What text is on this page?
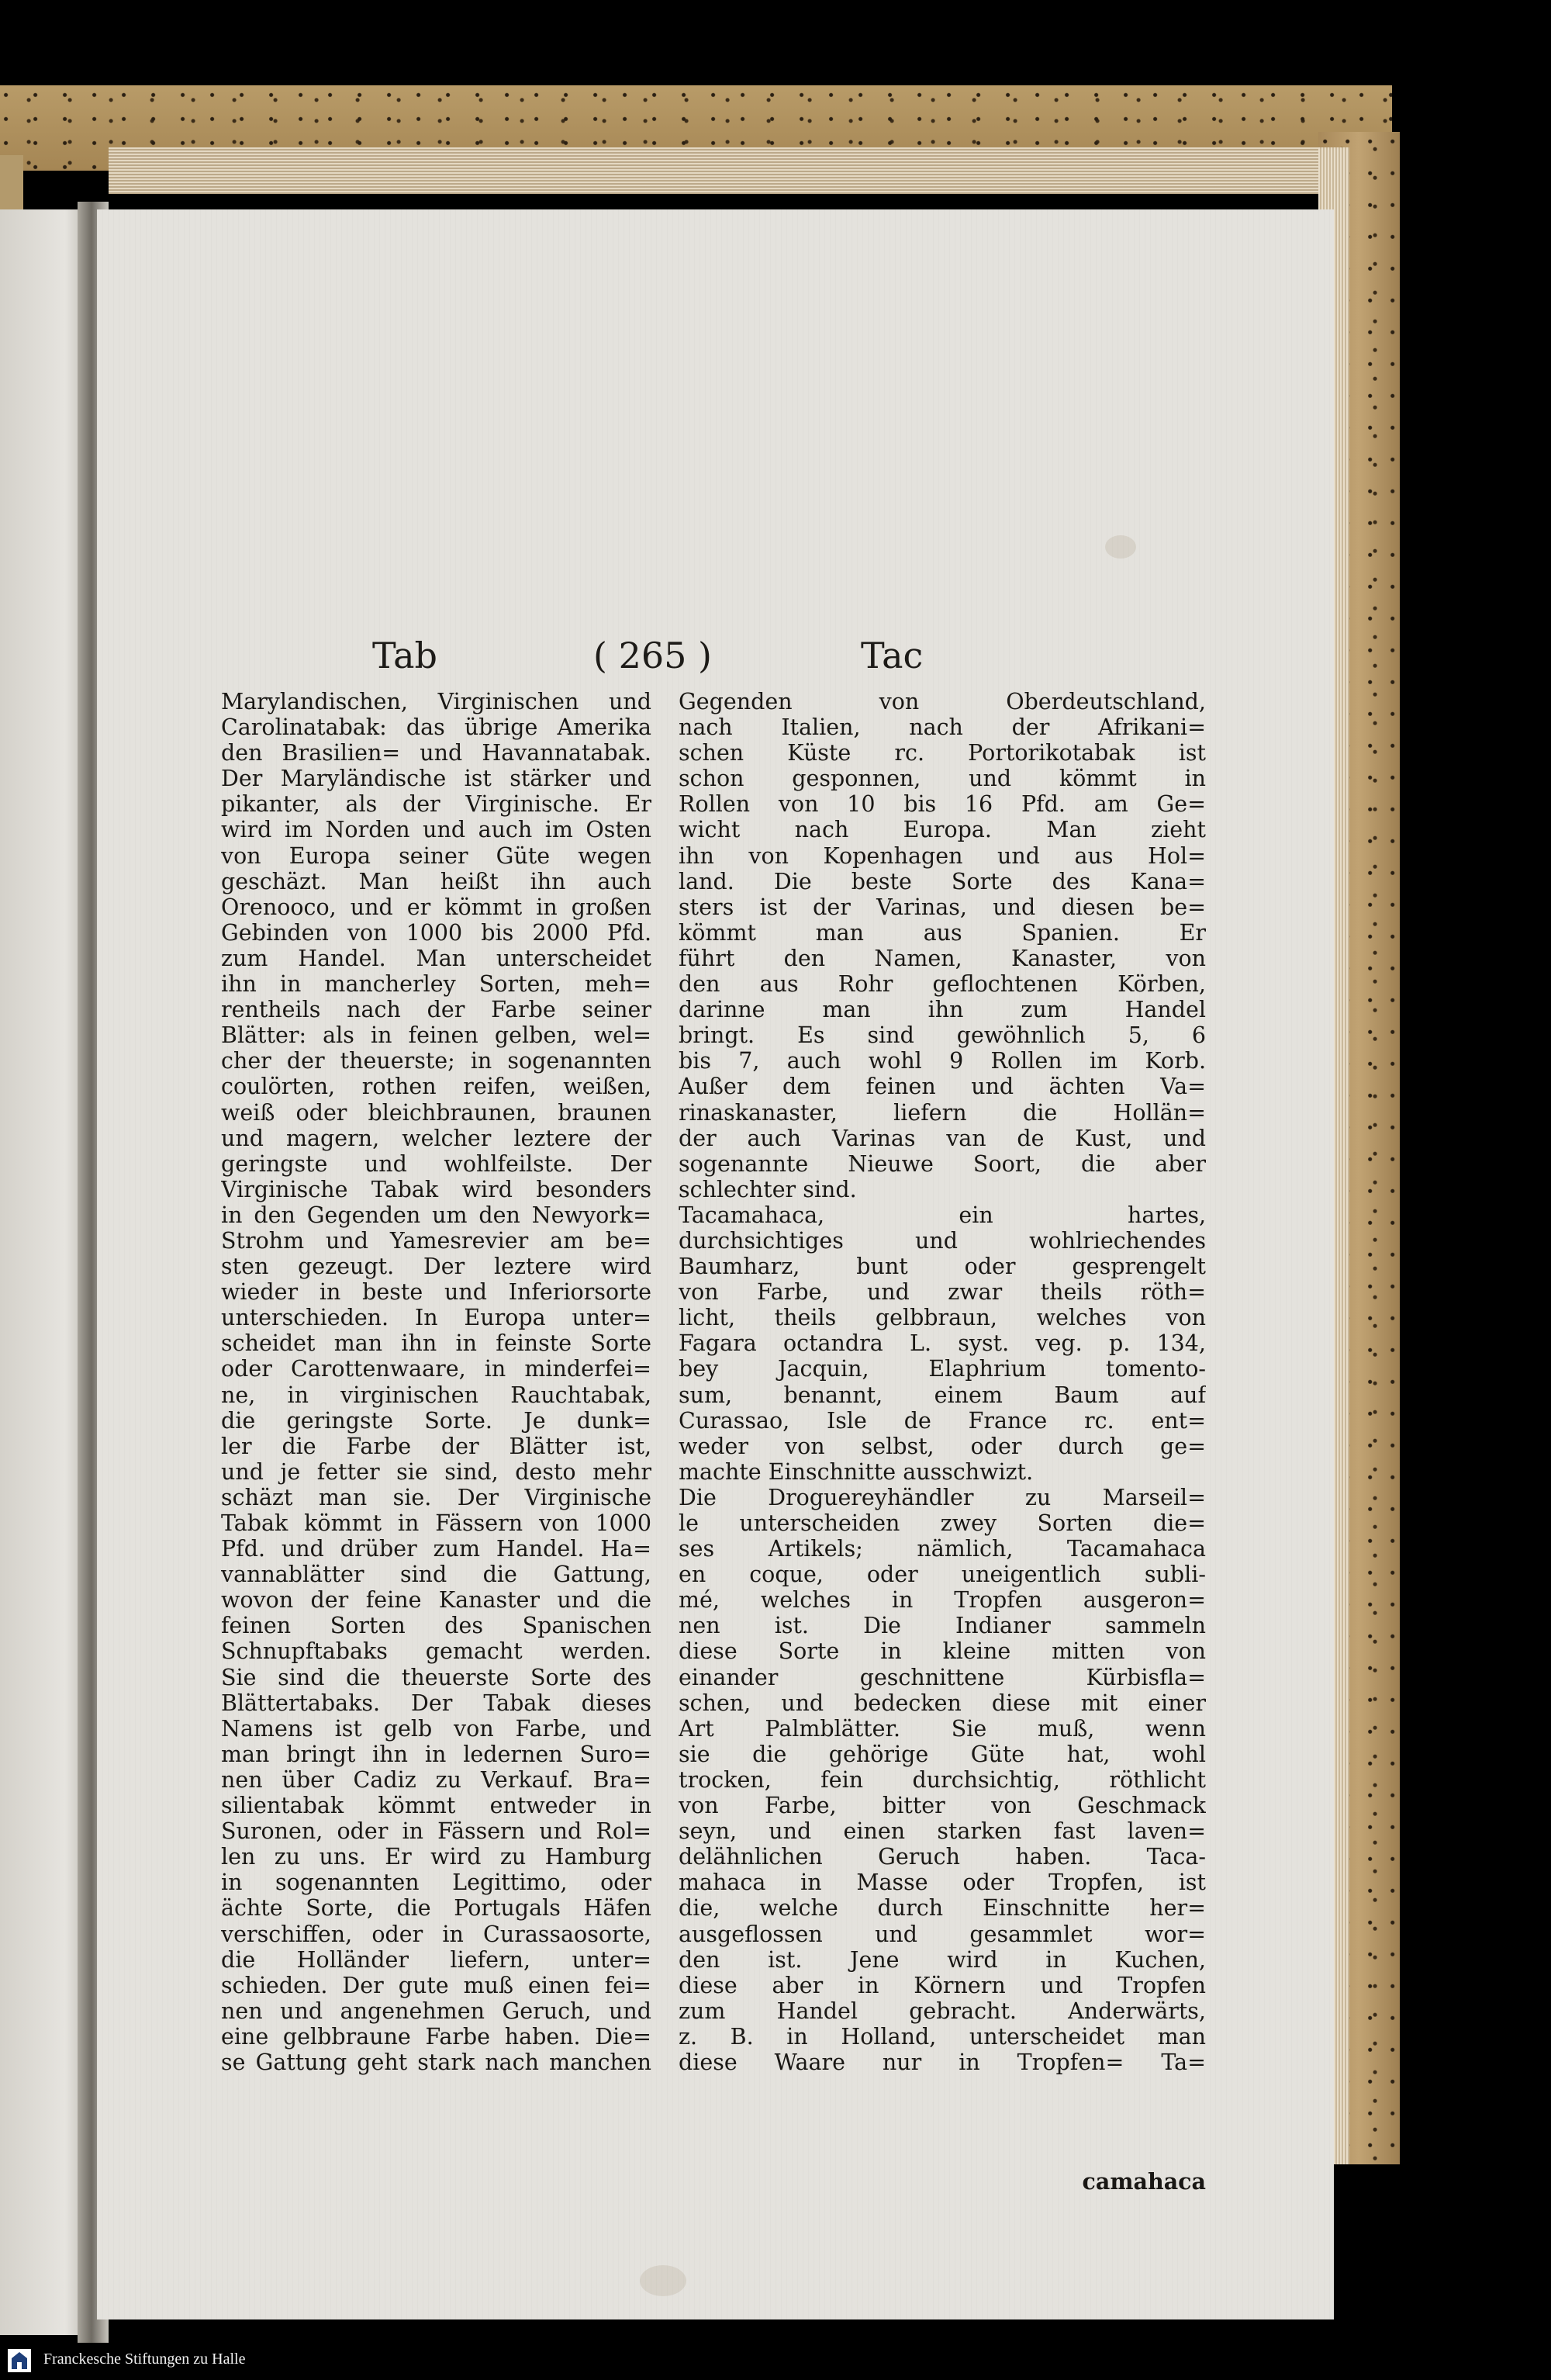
Tab	( 265 )	Tac
Marylandischen, Virginischen und
Carolinatabak: das übrige Amerika
den Brasilien= und Havannatabak.
Der Maryländische ist stärker und
pikanter, als der Virginische. Er
wird im Norden und auch im Osten
von Europa seiner Güte wegen
geschäzt. Man heißt ihn auch
Orenooco, und er kömmt in großen
Gebinden von 1000 bis 2000 Pfd.
zum Handel. Man unterscheidet
ihn in mancherley Sorten, meh=
rentheils nach der Farbe seiner
Blätter: als in feinen gelben, wel=
cher der theuerste; in sogenannten
coulörten, rothen reifen, weißen,
weiß oder bleichbraunen, braunen
und magern, welcher leztere der
geringste und wohlfeilste. Der
Virginische Tabak wird besonders
in den Gegenden um den Newyork=
Strohm und Yamesrevier am be=
sten gezeugt. Der leztere wird
wieder in beste und Inferiorsorte
unterschieden. In Europa unter=
scheidet man ihn in feinste Sorte
oder Carottenwaare, in minderfei=
ne, in virginischen Rauchtabak,
die geringste Sorte. Je dunk=
ler die Farbe der Blätter ist,
und je fetter sie sind, desto mehr
schäzt man sie. Der Virginische
Tabak kömmt in Fässern von 1000
Pfd. und drüber zum Handel. Ha=
vannablätter sind die Gattung,
wovon der feine Kanaster und die
feinen Sorten des Spanischen
Schnupftabaks gemacht werden.
Sie sind die theuerste Sorte des
Blättertabaks. Der Tabak dieses
Namens ist gelb von Farbe, und
man bringt ihn in ledernen Suro=
nen über Cadiz zu Verkauf. Bra=
silientabak kömmt entweder in
Suronen, oder in Fässern und Rol=
len zu uns. Er wird zu Hamburg
in sogenannten Legittimo, oder
ächte Sorte, die Portugals Häfen
verschiffen, oder in Curassaosorte,
die Holländer liefern, unter=
schieden. Der gute muß einen fei=
nen und angenehmen Geruch, und
eine gelbbraune Farbe haben. Die=
se Gattung geht stark nach manchen
Gegenden von Oberdeutschland,
nach Italien, nach der Afrikani=
schen Küste rc. Portorikotabak ist
schon gesponnen, und kömmt in
Rollen von 10 bis 16 Pfd. am Ge=
wicht nach Europa. Man zieht
ihn von Kopenhagen und aus Hol=
land. Die beste Sorte des Kana=
sters ist der Varinas, und diesen be=
kömmt man aus Spanien. Er
führt den Namen, Kanaster, von
den aus Rohr geflochtenen Körben,
darinne man ihn zum Handel
bringt. Es sind gewöhnlich 5, 6
bis 7, auch wohl 9 Rollen im Korb.
Außer dem feinen und ächten Va=
rinaskanaster, liefern die Hollän=
der auch Varinas van de Kust, und
sogenannte Nieuwe Soort, die aber
schlechter sind.
Tacamahaca, ein hartes,
durchsichtiges und wohlriechendes
Baumharz, bunt oder gesprengelt
von Farbe, und zwar theils röth=
licht, theils gelbbraun, welches von
Fagara octandra L. syst. veg. p. 134,
bey Jacquin, Elaphrium tomento-
sum, benannt, einem Baum auf
Curassao, Isle de France rc. ent=
weder von selbst, oder durch ge=
machte Einschnitte ausschwizt.
Die Droguereyhändler zu Marseil=
le unterscheiden zwey Sorten die=
ses Artikels; nämlich, Tacamahaca
en coque, oder uneigentlich subli-
mé, welches in Tropfen ausgeron=
nen ist. Die Indianer sammeln
diese Sorte in kleine mitten von
einander geschnittene Kürbisfla=
schen, und bedecken diese mit einer
Art Palmblätter. Sie muß, wenn
sie die gehörige Güte hat, wohl
trocken, fein durchsichtig, röthlicht
von Farbe, bitter von Geschmack
seyn, und einen starken fast laven=
delähnlichen Geruch haben. Taca-
mahaca in Masse oder Tropfen, ist
die, welche durch Einschnitte her=
ausgeflossen und gesammlet wor=
den ist. Jene wird in Kuchen,
diese aber in Körnern und Tropfen
zum Handel gebracht. Anderwärts,
z. B. in Holland, unterscheidet man
diese Waare nur in Tropfen= Ta=
camahaca
Franckesche Stiftungen zu Halle
